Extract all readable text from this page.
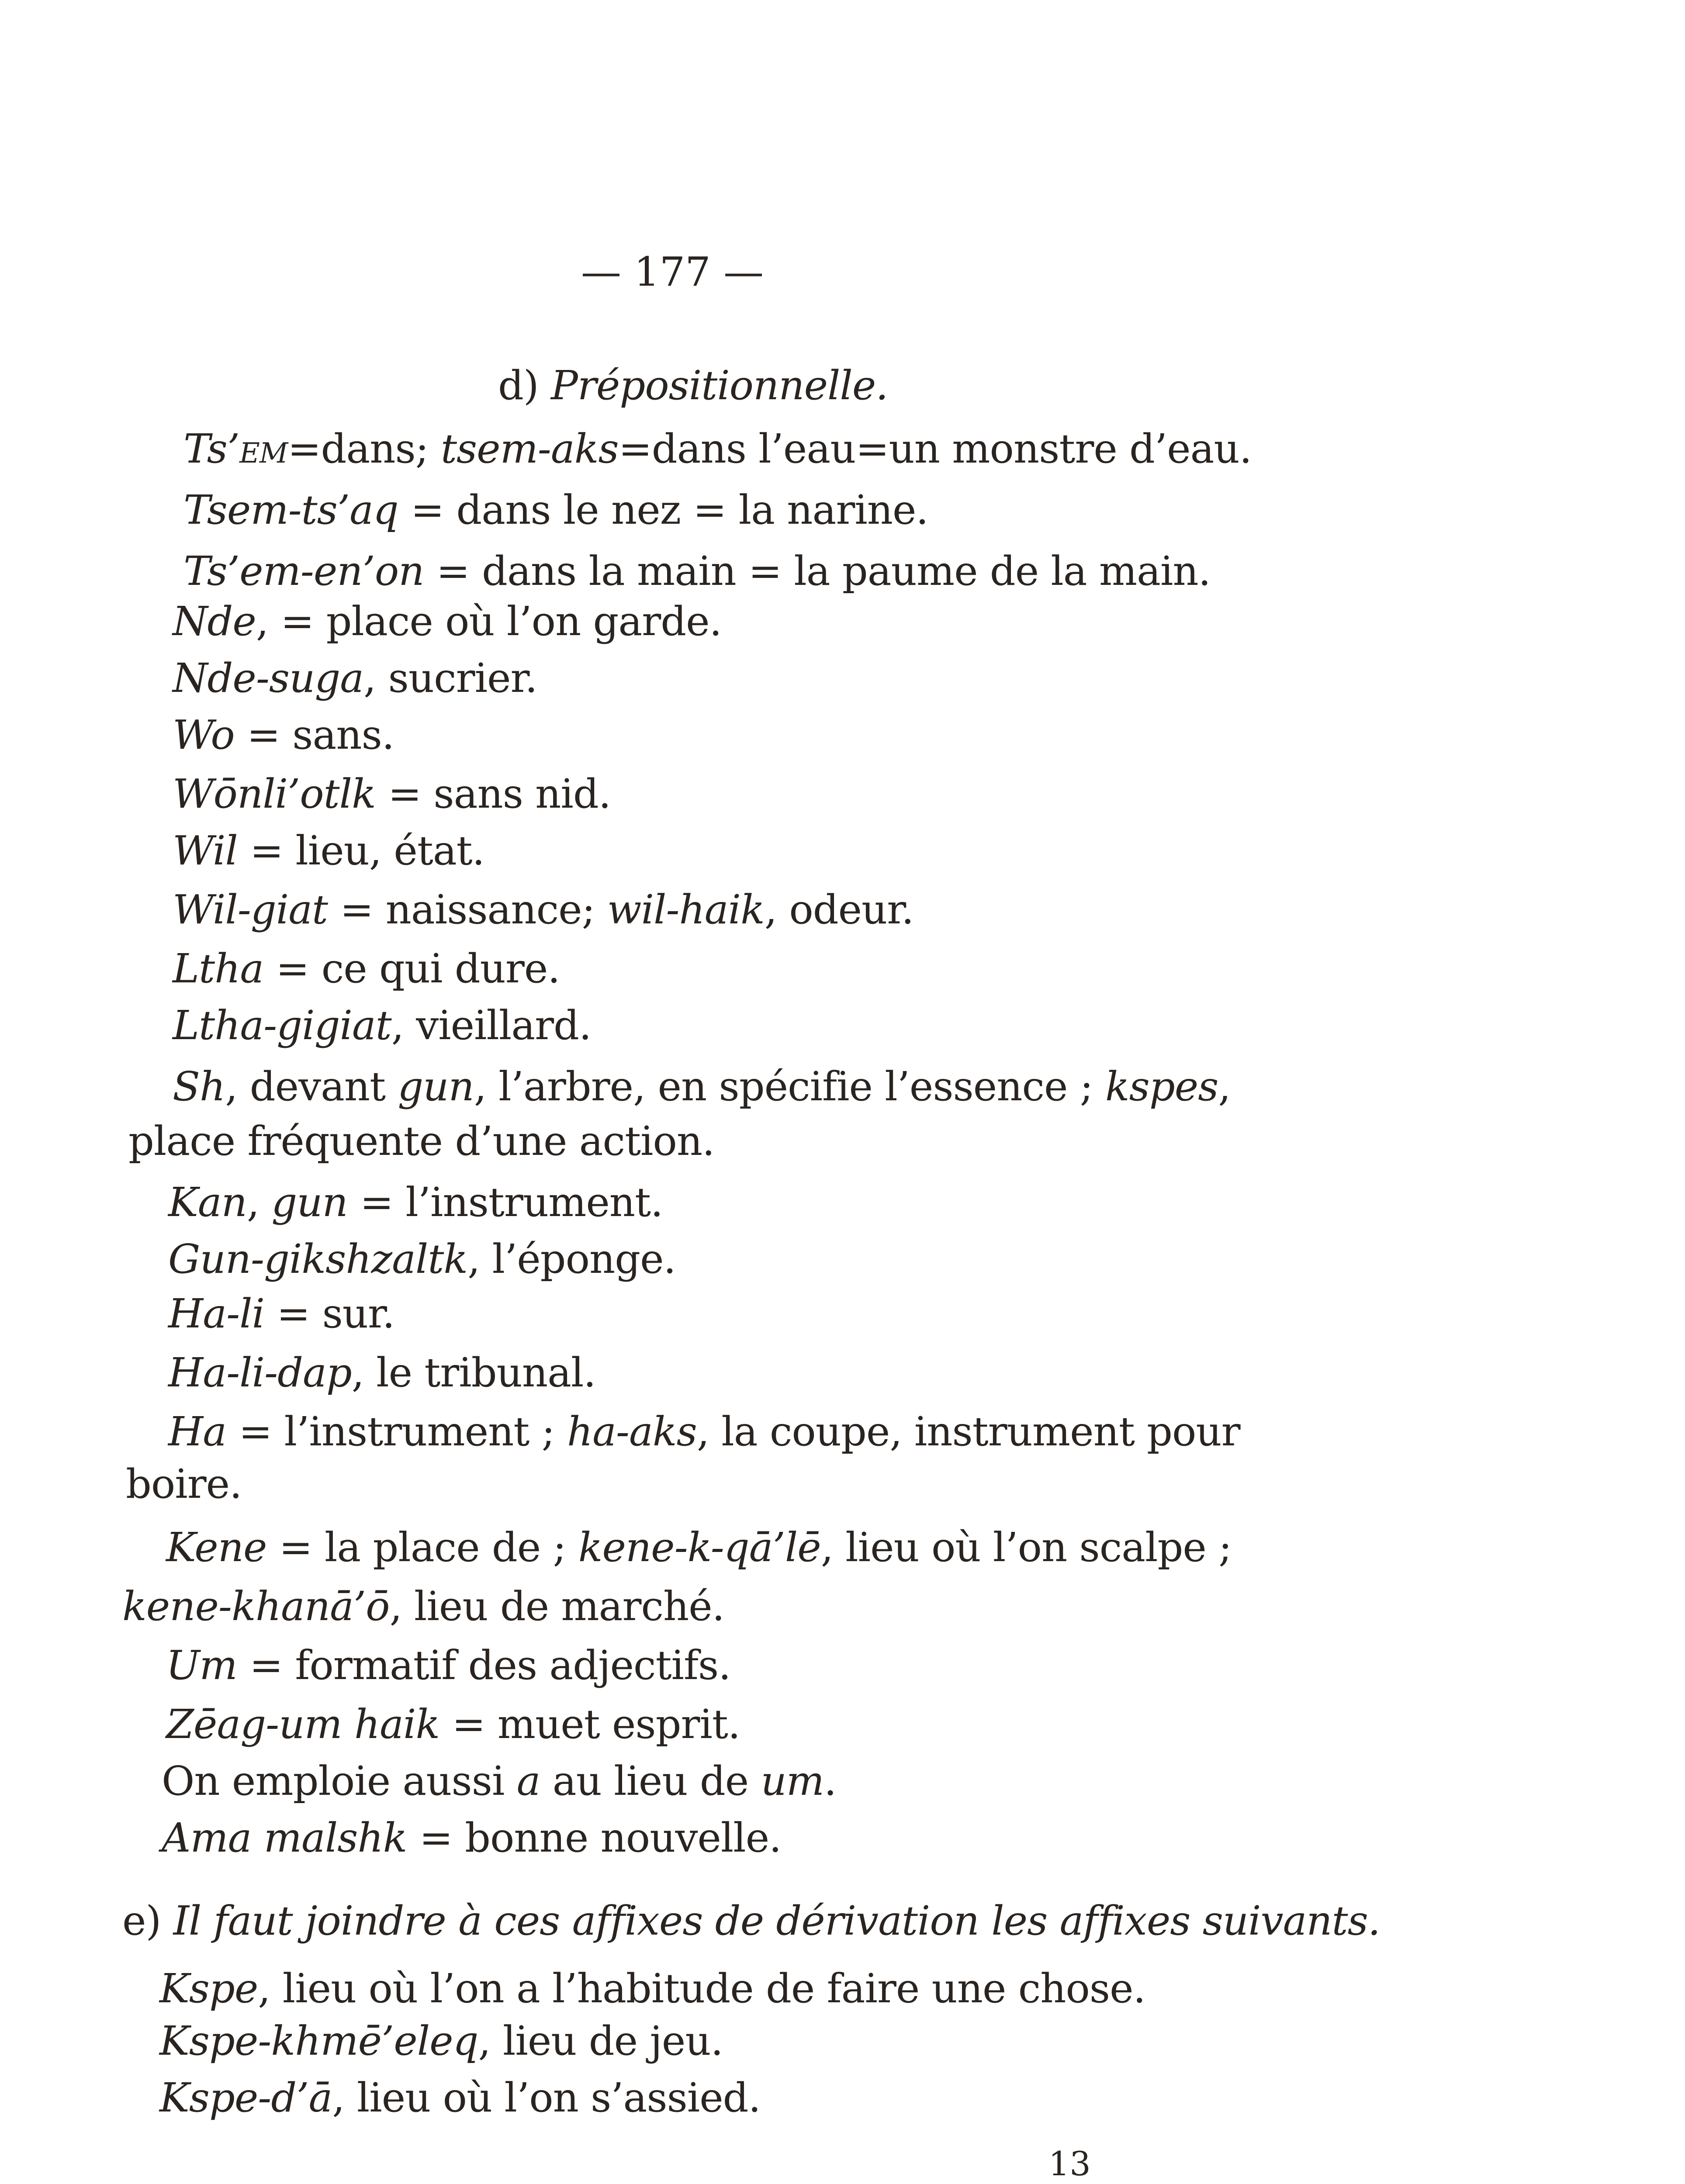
— 177 —
d) Prépositionnelle.
Ts’em=dans; tsem-aks=dans l’eau=un monstre d’eau.
Tsem-ts’aq = dans le nez = la narine.
Ts’em-en’on = dans la main = la paume de la main.
Nde, = place où l’on garde.
Nde-suga, sucrier.
Wo = sans.
Wōnli’otlk = sans nid.
Wil = lieu, état.
Wil-giat = naissance; wil-haik, odeur.
Ltha = ce qui dure.
Ltha-gigiat, vieillard.
Sh, devant gun, l’arbre, en spécifie l’essence ; kspes,
place fréquente d’une action.
Kan, gun = l’instrument.
Gun-gikshzaltk, l’éponge.
Ha-li = sur.
Ha-li-dap, le tribunal.
Ha = l’instrument ; ha-aks, la coupe, instrument pour
boire.
Kene = la place de ; kene-k-qā’lē, lieu où l’on scalpe ;
kene-khanā’ō, lieu de marché.
Um = formatif des adjectifs.
Zēag-um haik = muet esprit.
On emploie aussi a au lieu de um.
Ama malshk = bonne nouvelle.
e) Il faut joindre à ces affixes de dérivation les affixes suivants.
Kspe, lieu où l’on a l’habitude de faire une chose.
Kspe-khmē’eleq, lieu de jeu.
Kspe-d’ā, lieu où l’on s’assied.
13
